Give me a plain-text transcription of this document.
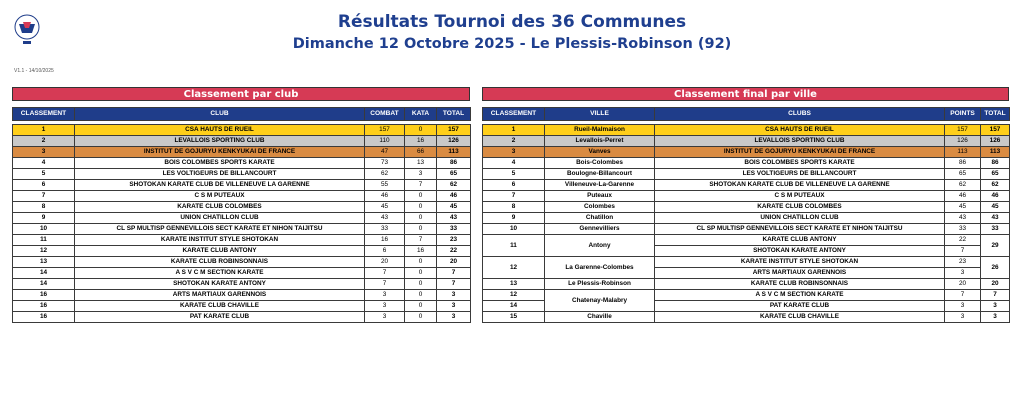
V1.1 - 14/10/2025
Résultats Tournoi des 36 Communes
Dimanche 12 Octobre 2025 - Le Plessis-Robinson (92)
Classement par club
CLASSEMENT	CLUB	COMBAT	KATA	TOTAL

1	CSA HAUTS DE RUEIL	157	0	157
2	LEVALLOIS SPORTING CLUB	110	16	126
3	INSTITUT DE GOJURYU KENKYUKAI DE FRANCE	47	66	113
4	BOIS COLOMBES SPORTS KARATE	73	13	86
5	LES VOLTIGEURS DE BILLANCOURT	62	3	65
6	SHOTOKAN KARATE CLUB DE VILLENEUVE LA GARENNE	55	7	62
7	C S M PUTEAUX	46	0	46
8	KARATE CLUB COLOMBES	45	0	45
9	UNION CHATILLON CLUB	43	0	43
10	CL SP MULTISP GENNEVILLOIS SECT KARATE ET NIHON TAIJITSU	33	0	33
11	KARATE INSTITUT STYLE SHOTOKAN	16	7	23
12	KARATE CLUB ANTONY	6	16	22
13	KARATE CLUB ROBINSONNAIS	20	0	20
14	A S V C M SECTION KARATE	7	0	7
14	SHOTOKAN KARATE ANTONY	7	0	7
16	ARTS MARTIAUX GARENNOIS	3	0	3
16	KARATE CLUB CHAVILLE	3	0	3
16	PAT KARATE CLUB	3	0	3
Classement final par ville
CLASSEMENT	VILLE	CLUBS	POINTS	TOTAL

1	Rueil-Malmaison	CSA HAUTS DE RUEIL	157	157
2	Levallois-Perret	LEVALLOIS SPORTING CLUB	126	126
3	Vanves	INSTITUT DE GOJURYU KENKYUKAI DE FRANCE	113	113
4	Bois-Colombes	BOIS COLOMBES SPORTS KARATE	86	86
5	Boulogne-Billancourt	LES VOLTIGEURS DE BILLANCOURT	65	65
6	Villeneuve-La-Garenne	SHOTOKAN KARATE CLUB DE VILLENEUVE LA GARENNE	62	62
7	Puteaux	C S M PUTEAUX	46	46
8	Colombes	KARATE CLUB COLOMBES	45	45
9	Chatillon	UNION CHATILLON CLUB	43	43
10	Gennevilliers	CL SP MULTISP GENNEVILLOIS SECT KARATE ET NIHON TAIJITSU	33	33
11	Antony	KARATE CLUB ANTONY	22	29
		SHOTOKAN KARATE ANTONY	7	
12	La Garenne-Colombes	KARATE INSTITUT STYLE SHOTOKAN	23	26
		ARTS MARTIAUX GARENNOIS	3	
13	Le Plessis-Robinson	KARATE CLUB ROBINSONNAIS	20	20
12	Chatenay-Malabry	A S V C M SECTION KARATE	7	7
14		PAT KARATE CLUB	3	3
15	Chaville	KARATE CLUB CHAVILLE	3	3
